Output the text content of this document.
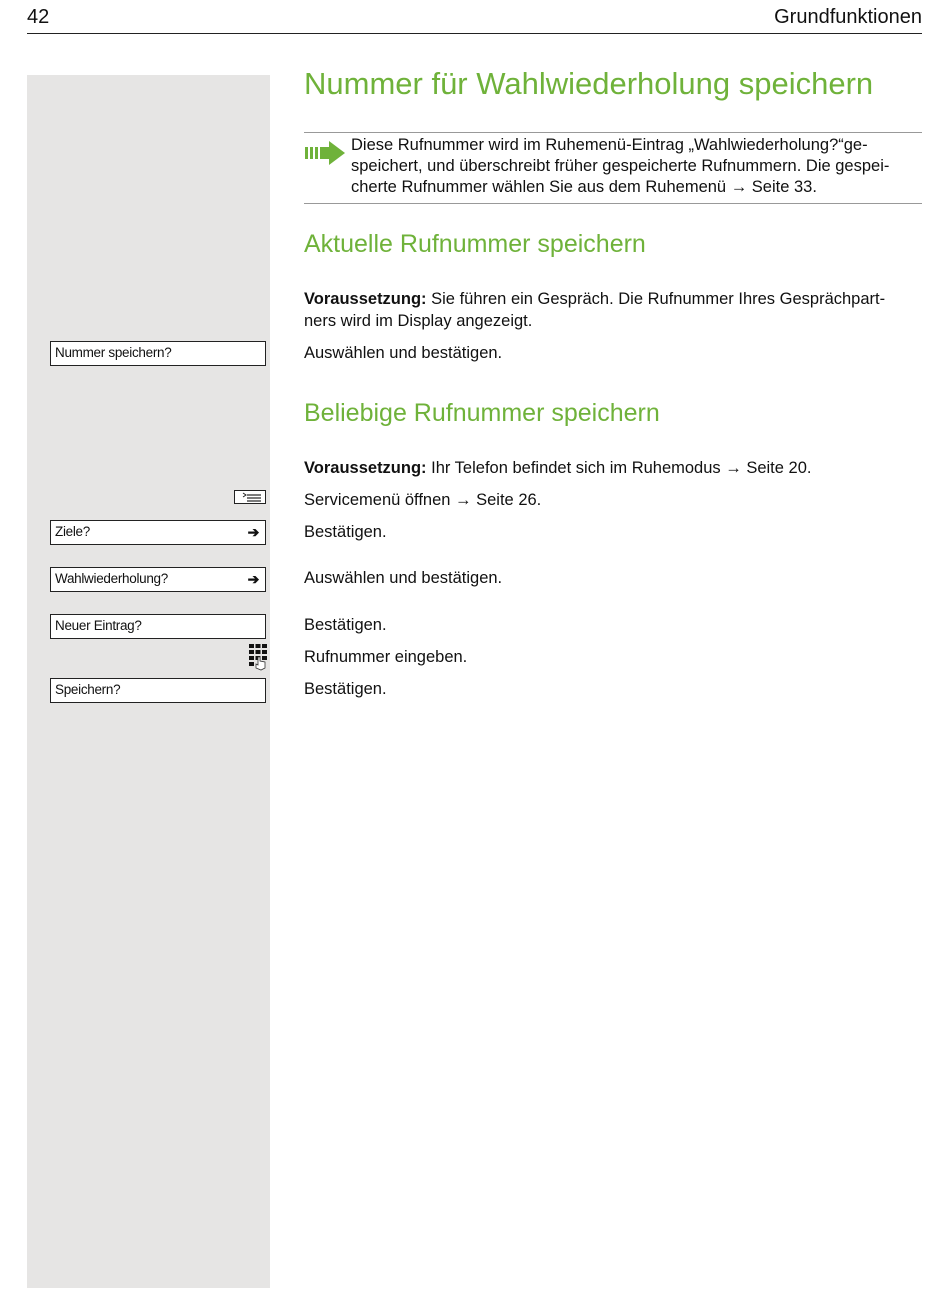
42	Grundfunktionen
Nummer für Wahlwiederholung speichern
Diese Rufnummer wird im Ruhemenü-Eintrag „Wahlwiederholung?“ge-
speichert, und überschreibt früher gespeicherte Rufnummern. Die gespei-
cherte Rufnummer wählen Sie aus dem Ruhemenü → Seite 33.
Aktuelle Rufnummer speichern
Voraussetzung: Sie führen ein Gespräch. Die Rufnummer Ihres Gesprächpart-
ners wird im Display angezeigt.
Nummer speichern?	Auswählen und bestätigen.
Beliebige Rufnummer speichern
Voraussetzung: Ihr Telefon befindet sich im Ruhemodus → Seite 20.
Servicemenü öffnen → Seite 26.
Ziele?	➔	Bestätigen.
Wahlwiederholung?	➔	Auswählen und bestätigen.
Neuer Eintrag?	Bestätigen.
Rufnummer eingeben.
Speichern?	Bestätigen.
